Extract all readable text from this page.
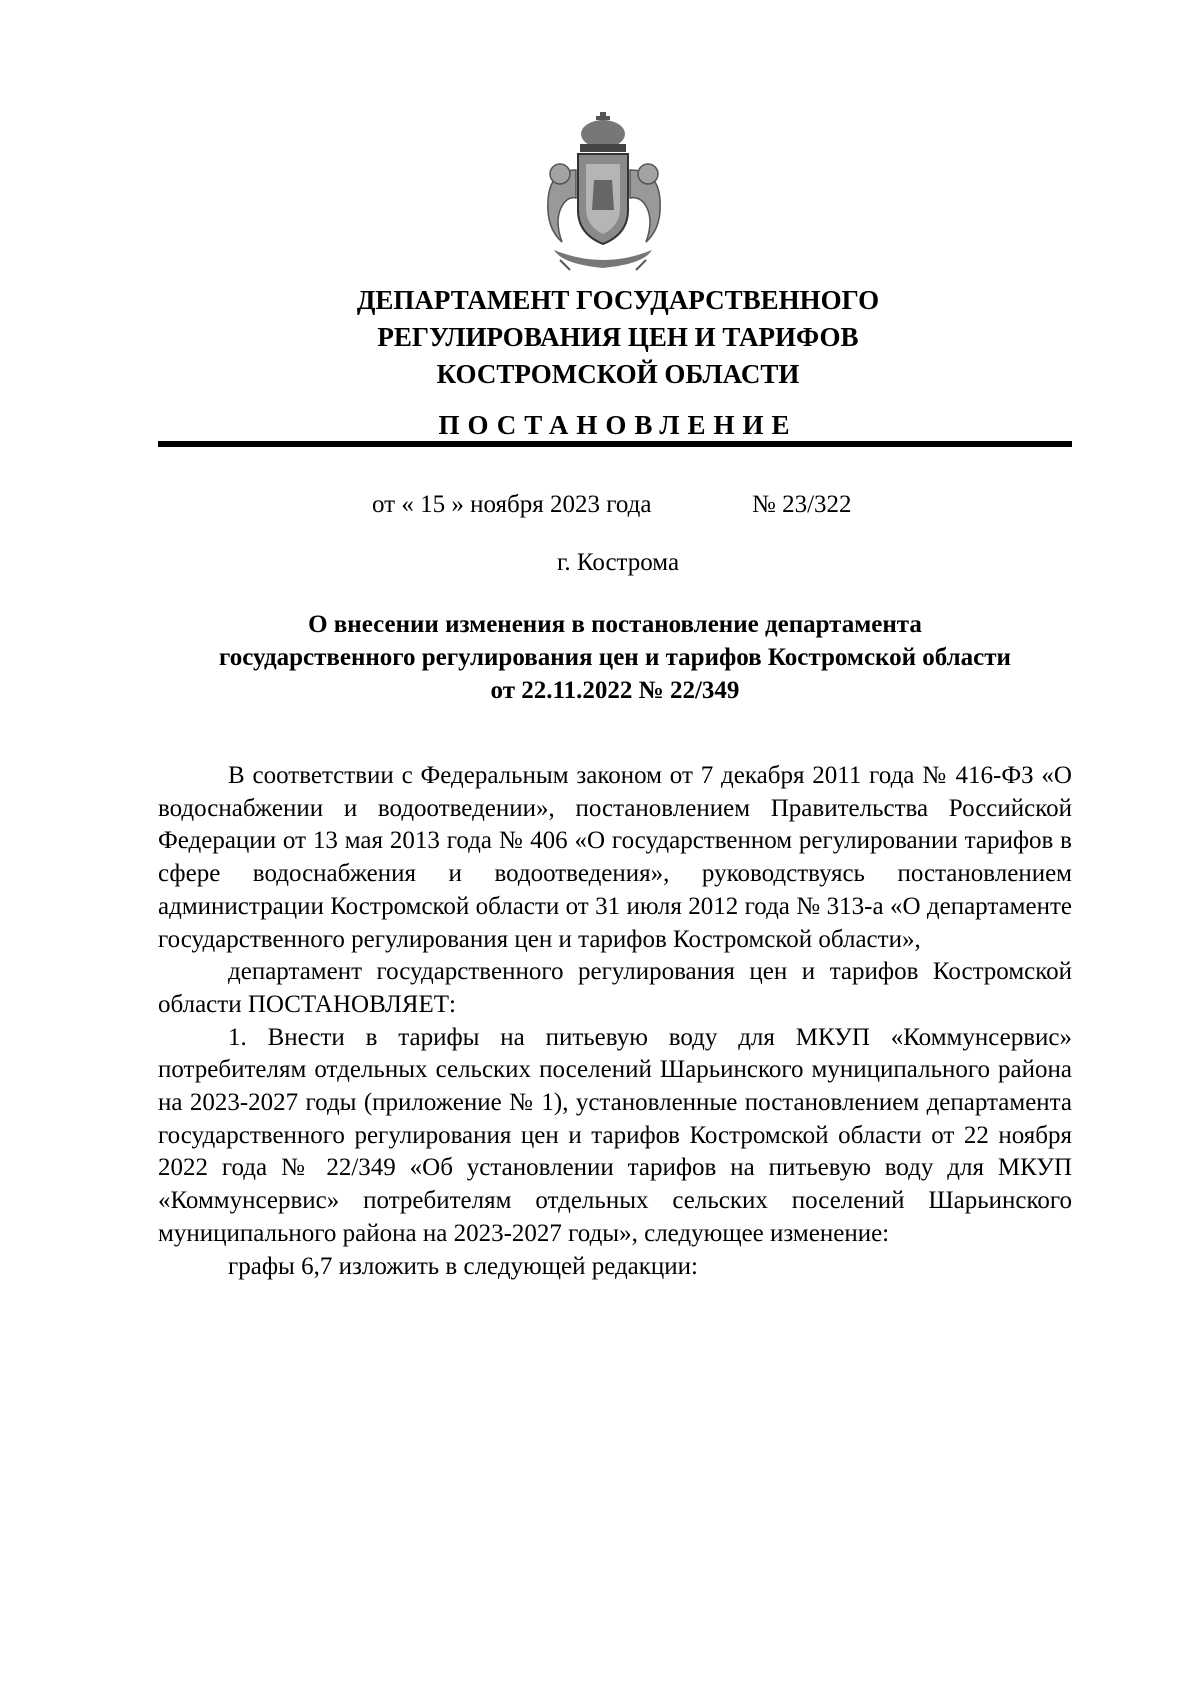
ДЕПАРТАМЕНТ ГОСУДАРСТВЕННОГО
РЕГУЛИРОВАНИЯ ЦЕН И ТАРИФОВ
КОСТРОМСКОЙ ОБЛАСТИ
ПОСТАНОВЛЕНИЕ
от « 15 » ноября 2023 года	№ 23/322
г. Кострома
О внесении изменения в постановление департамента
государственного регулирования цен и тарифов Костромской области
от 22.11.2022 № 22/349

В соответствии с Федеральным законом от 7 декабря 2011 года № 416-ФЗ «О водоснабжении и водоотведении», постановлением Правительства Российской Федерации от 13 мая 2013 года № 406 «О государственном регулировании тарифов в сфере водоснабжения и водоотведения», руководствуясь постановлением администрации Костромской области от 31 июля 2012 года № 313-а «О департаменте государственного регулирования цен и тарифов Костромской области»,

департамент государственного регулирования цен и тарифов Костромской области ПОСТАНОВЛЯЕТ:

1. Внести в тарифы на питьевую воду для МКУП «Коммунсервис» потребителям отдельных сельских поселений Шарьинского муниципального района на 2023-2027 годы (приложение № 1), установленные постановлением департамента государственного регулирования цен и тарифов Костромской области от 22 ноября 2022 года № 22/349 «Об установлении тарифов на питьевую воду для МКУП «Коммунсервис» потребителям отдельных сельских поселений Шарьинского муниципального района на 2023-2027 годы», следующее изменение:

графы 6,7 изложить в следующей редакции:
